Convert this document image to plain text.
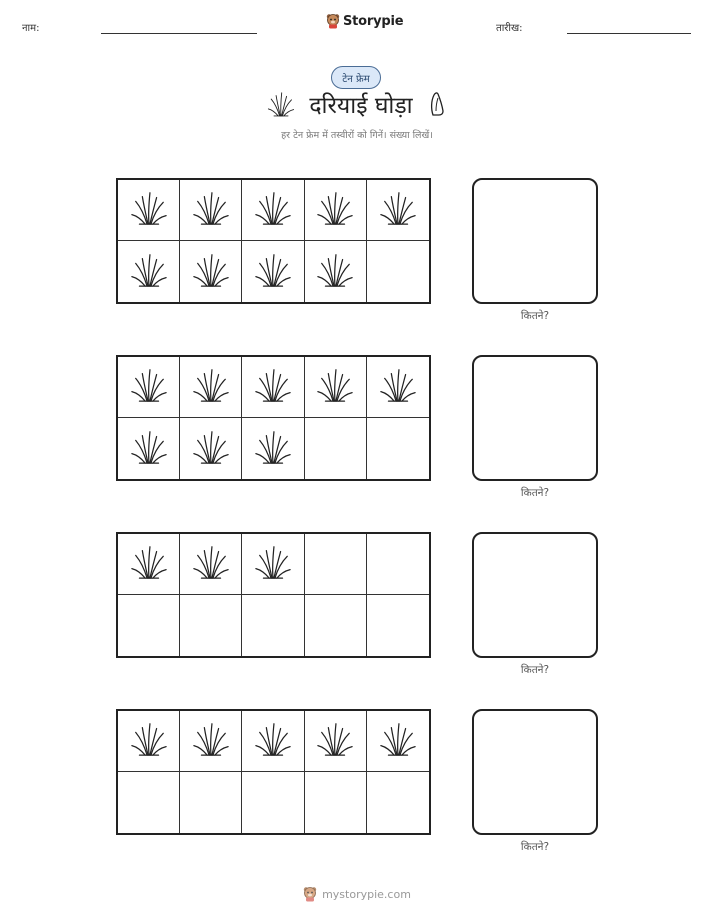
नाम:	Storypie	तारीख:
टेन फ्रेम
दरियाई घोड़ा
हर टेन फ्रेम में तस्वीरों को गिनें। संख्या लिखें।
कितने?
कितने?
कितने?
कितने?
mystorypie.com
